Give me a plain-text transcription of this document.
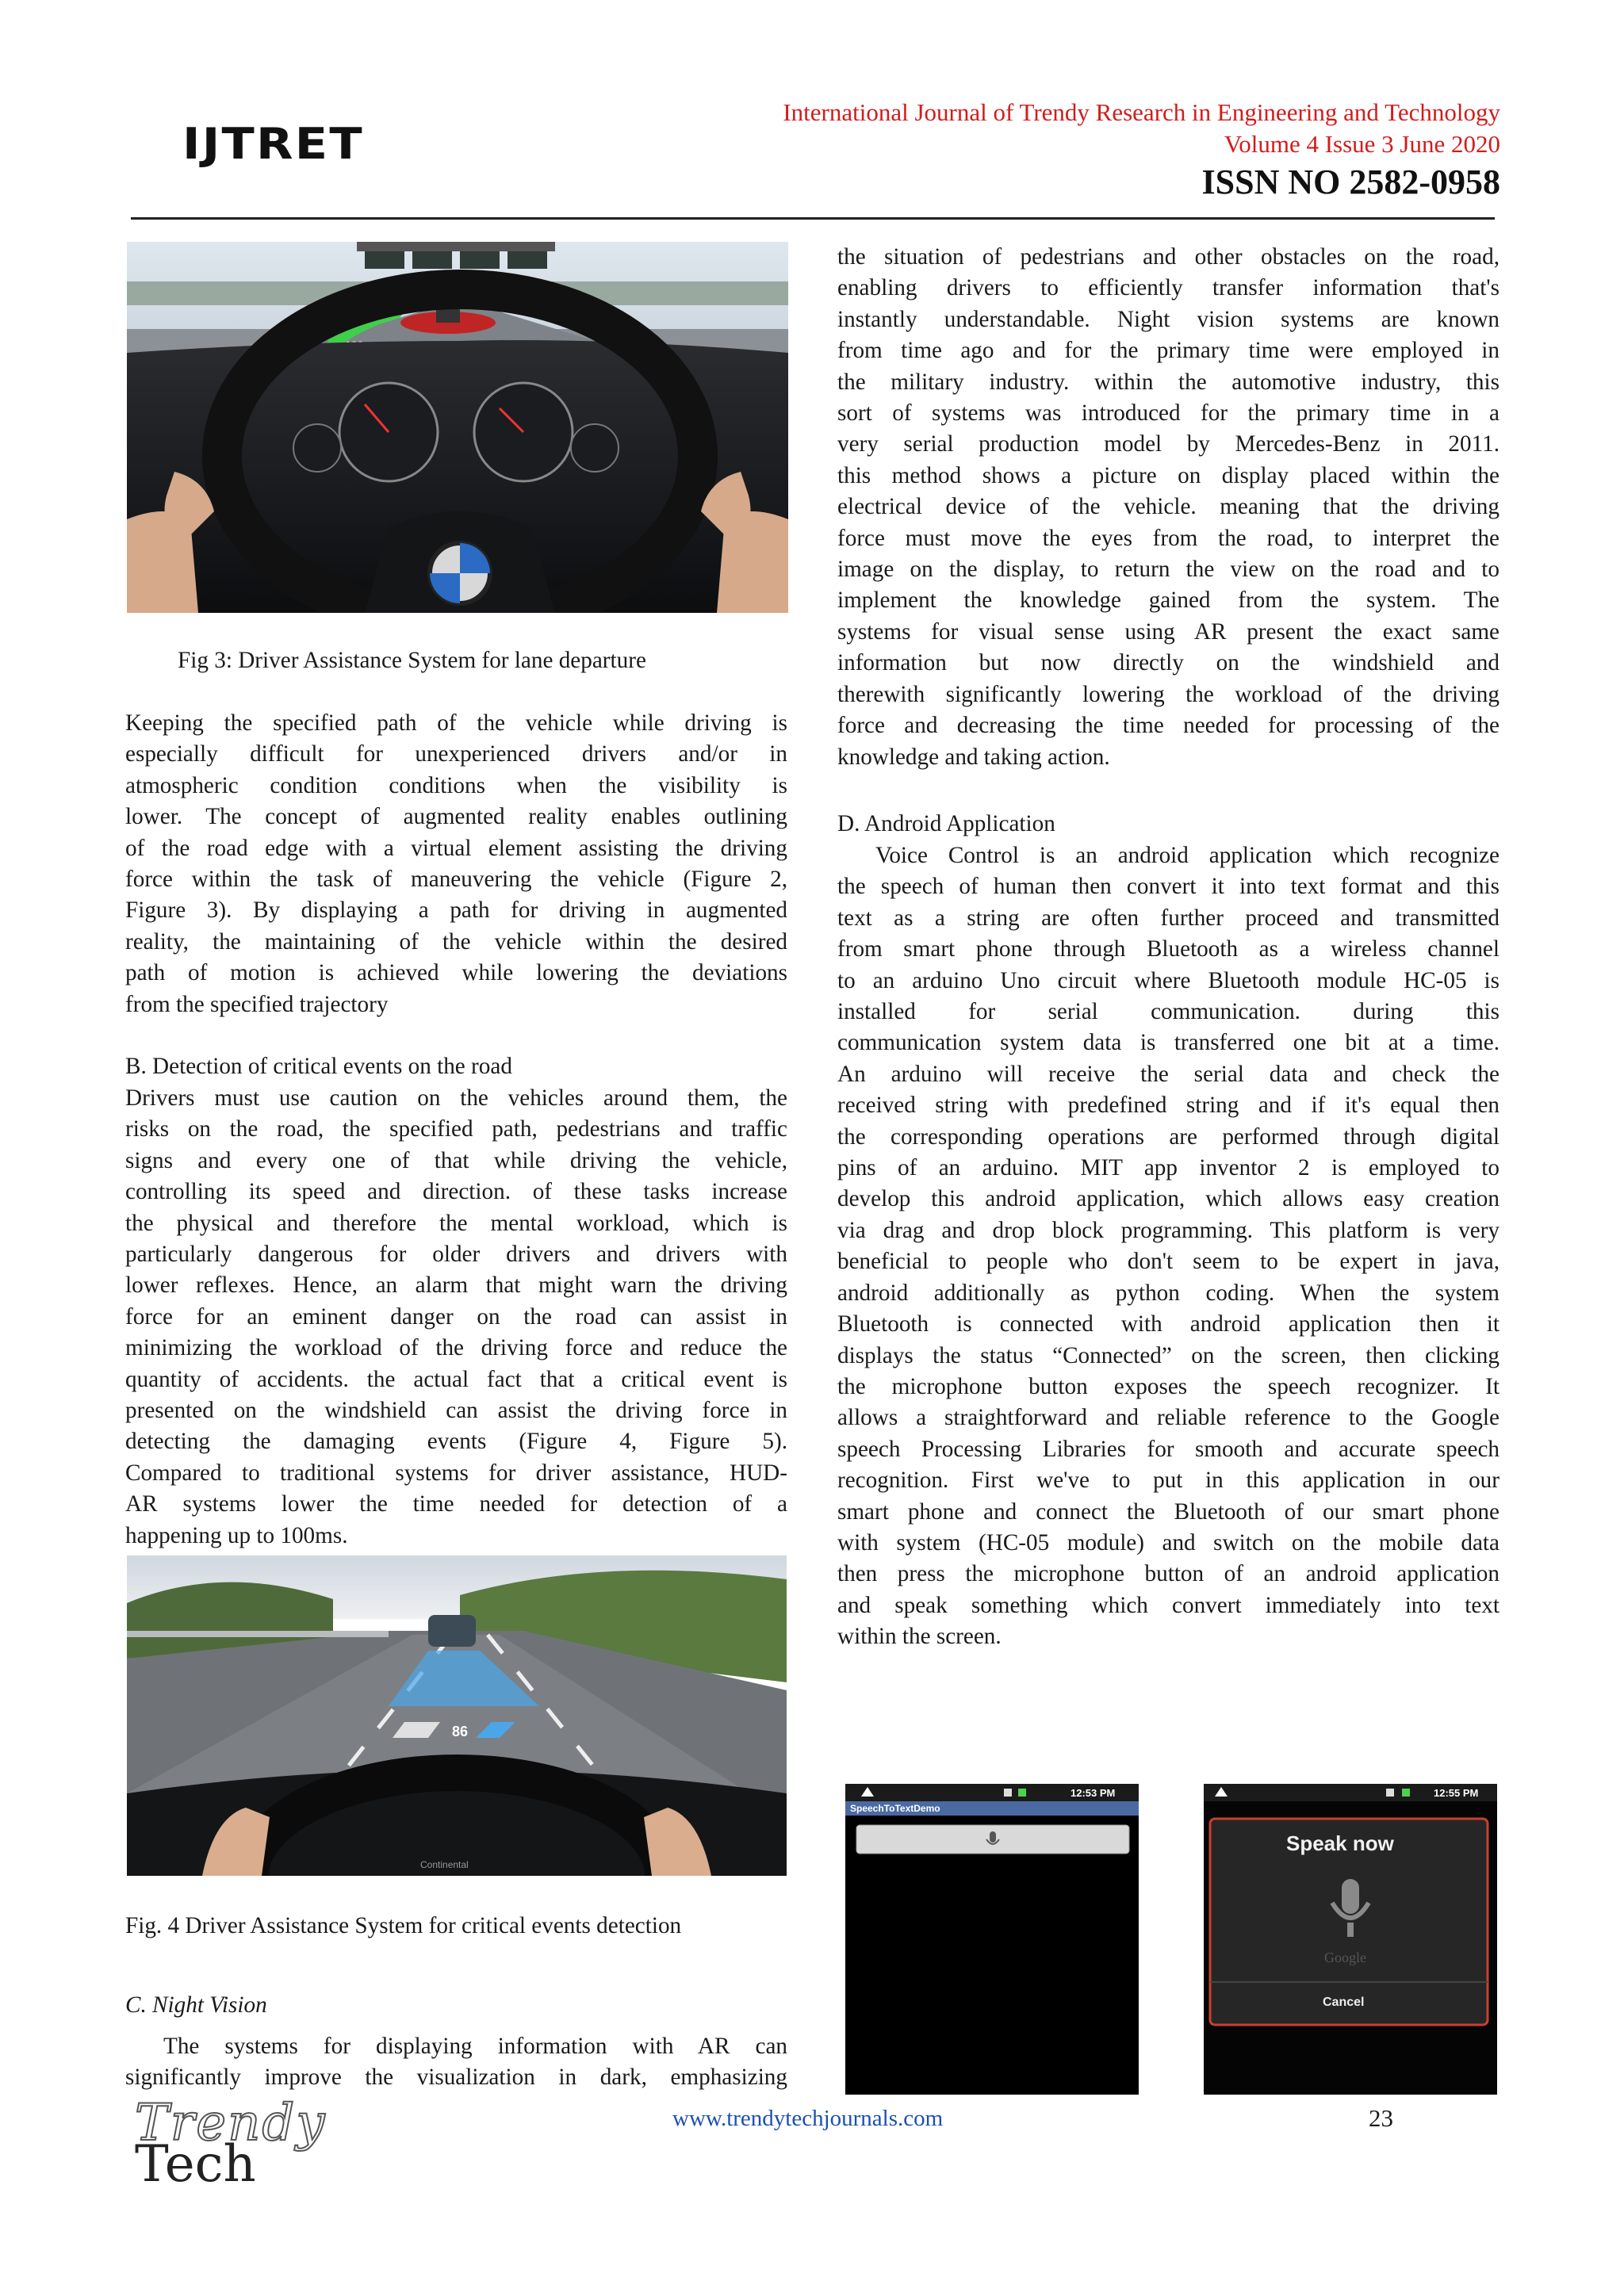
IJTRET
International Journal of Trendy Research in Engineering and Technology
Volume 4 Issue 3 June 2020
ISSN NO 2582-0958
Fig 3: Driver Assistance System for lane departure
Keeping the specified path of the vehicle while driving is
especially difficult for unexperienced drivers and/or in
atmospheric condition conditions when the visibility is
lower. The concept of augmented reality enables outlining
of the road edge with a virtual element assisting the driving
force within the task of maneuvering the vehicle (Figure 2,
Figure 3). By displaying a path for driving in augmented
reality, the maintaining of the vehicle within the desired
path of motion is achieved while lowering the deviations
from the specified trajectory
B. Detection of critical events on the road
Drivers must use caution on the vehicles around them, the
risks on the road, the specified path, pedestrians and traffic
signs and every one of that while driving the vehicle,
controlling its speed and direction. of these tasks increase
the physical and therefore the mental workload, which is
particularly dangerous for older drivers and drivers with
lower reflexes. Hence, an alarm that might warn the driving
force for an eminent danger on the road can assist in
minimizing the workload of the driving force and reduce the
quantity of accidents. the actual fact that a critical event is
presented on the windshield can assist the driving force in
detecting the damaging events (Figure 4, Figure 5).
Compared to traditional systems for driver assistance, HUD-
AR systems lower the time needed for detection of a
happening up to 100ms.
86
Continental
Fig. 4 Driver Assistance System for critical events detection
C. Night Vision
The systems for displaying information with AR can
significantly improve the visualization in dark, emphasizing
the situation of pedestrians and other obstacles on the road,
enabling drivers to efficiently transfer information that's
instantly understandable. Night vision systems are known
from time ago and for the primary time were employed in
the military industry. within the automotive industry, this
sort of systems was introduced for the primary time in a
very serial production model by Mercedes-Benz in 2011.
this method shows a picture on display placed within the
electrical device of the vehicle. meaning that the driving
force must move the eyes from the road, to interpret the
image on the display, to return the view on the road and to
implement the knowledge gained from the system. The
systems for visual sense using AR present the exact same
information but now directly on the windshield and
therewith significantly lowering the workload of the driving
force and decreasing the time needed for processing of the
knowledge and taking action.
D. Android Application
Voice Control is an android application which recognize
the speech of human then convert it into text format and this
text as a string are often further proceed and transmitted
from smart phone through Bluetooth as a wireless channel
to an arduino Uno circuit where Bluetooth module HC-05 is
installed for serial communication. during this
communication system data is transferred one bit at a time.
An arduino will receive the serial data and check the
received string with predefined string and if it's equal then
the corresponding operations are performed through digital
pins of an arduino. MIT app inventor 2 is employed to
develop this android application, which allows easy creation
via drag and drop block programming. This platform is very
beneficial to people who don't seem to be expert in java,
android additionally as python coding. When the system
Bluetooth is connected with android application then it
displays the status “Connected” on the screen, then clicking
the microphone button exposes the speech recognizer. It
allows a straightforward and reliable reference to the Google
speech Processing Libraries for smooth and accurate speech
recognition. First we've to put in this application in our
smart phone and connect the Bluetooth of our smart phone
with system (HC-05 module) and switch on the mobile data
then press the microphone button of an android application
and speak something which convert immediately into text
within the screen.
12:53 PM
SpeechToTextDemo
12:55 PM
Speak now
Google
Cancel
Trendy
Tech
www.trendytechjournals.com	23
